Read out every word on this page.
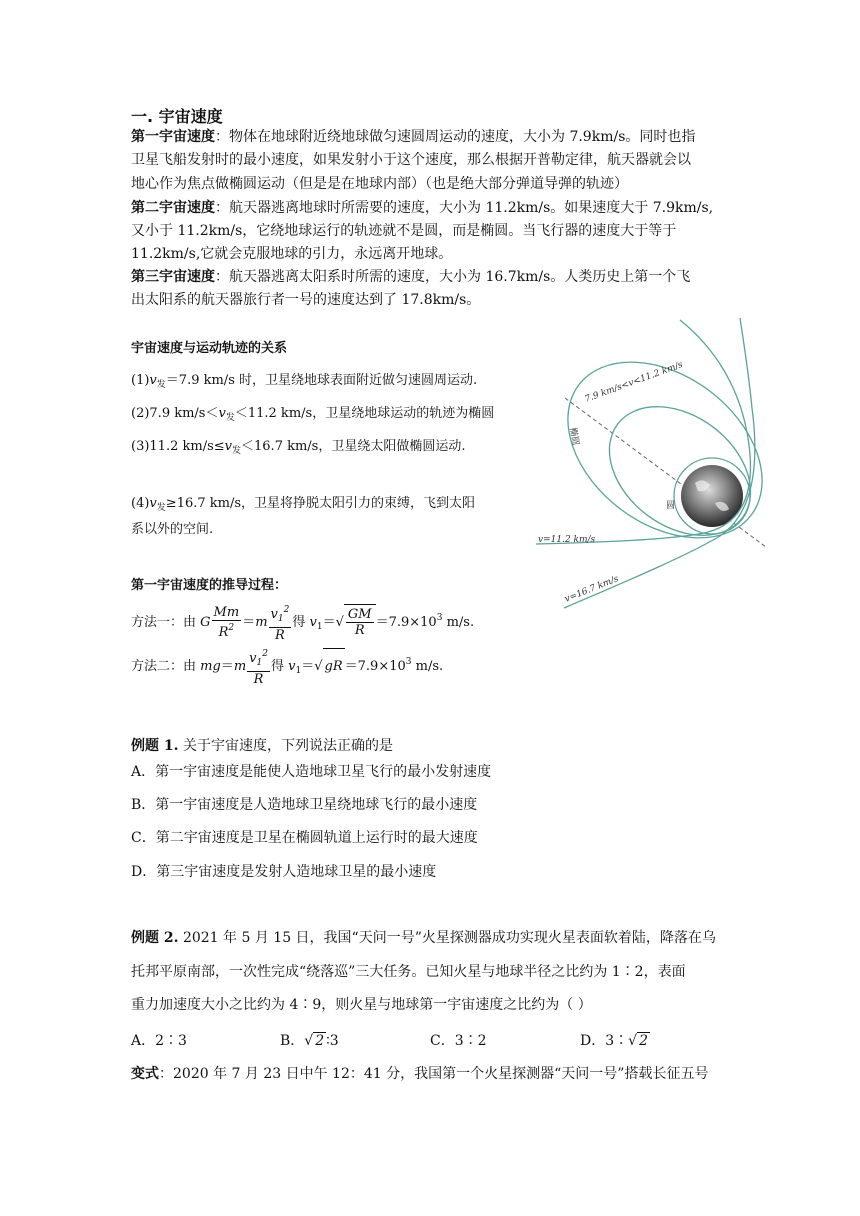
一. 宇宙速度
第一宇宙速度：物体在地球附近绕地球做匀速圆周运动的速度，大小为 7.9km/s。同时也指
卫星飞船发射时的最小速度，如果发射小于这个速度，那么根据开普勒定律，航天器就会以
地心作为焦点做椭圆运动（但是是在地球内部）（也是绝大部分弹道导弹的轨迹）
第二宇宙速度：航天器逃离地球时所需要的速度，大小为 11.2km/s。如果速度大于 7.9km/s,
又小于 11.2km/s，它绕地球运行的轨迹就不是圆，而是椭圆。当飞行器的速度大于等于
11.2km/s,它就会克服地球的引力，永远离开地球。
第三宇宙速度：航天器逃离太阳系时所需的速度，大小为 16.7km/s。人类历史上第一个飞
出太阳系的航天器旅行者一号的速度达到了 17.8km/s。
宇宙速度与运动轨迹的关系
$(1)v_发=7.9$ km/s 时，卫星绕地球表面附近做匀速圆周运动.
(2)7.9 $km/s<v_发<11.2$ km/s，卫星绕地球运动的轨迹为椭圆
(3)11.2 $km/s\le v_发<16.7$ km/s，卫星绕太阳做椭圆运动.
$(4)v_发\ge 16.7$ km/s，卫星将挣脱太阳引力的束缚，飞到太阳
系以外的空间.
7.9 km/s<v<11.2 km/s
椭圆
v=7.9km/s
圆
v=11.2 km/s
v=16.7 km/s
第一宇宙速度的推导过程：
方法一：由 G $\frac{Mm}{R^2} =m \frac{v_1^2}{R}$ 得 $v_1=√ \frac{GM}{R} =7.9\times 10^3$ m/s.
方法二：由 $mg=m \frac{v_1^2}{R}$ 得 $v_1=√$ gR $=7.9\times 10^3$ m/s.
例题 1. 关于宇宙速度，下列说法正确的是
A．第一宇宙速度是能使人造地球卫星飞行的最小发射速度
B．第一宇宙速度是人造地球卫星绕地球飞行的最小速度
C．第二宇宙速度是卫星在椭圆轨道上运行时的最大速度
D．第三宇宙速度是发射人造地球卫星的最小速度
例题 2. 2021 年 5 月 15 日，我国“天问一号”火星探测器成功实现火星表面软着陆，降落在乌
托邦平原南部，一次性完成“绕落巡”三大任务。已知火星与地球半径之比约为 1∶2，表面
重力加速度大小之比约为 4∶9，则火星与地球第一宇宙速度之比约为（ ）
A．2∶3	B．√ 2 ∶3	C．3∶2	D．3∶√ 2
变式：2020 年 7 月 23 日中午 12：41 分，我国第一个火星探测器“天问一号”搭载长征五号
